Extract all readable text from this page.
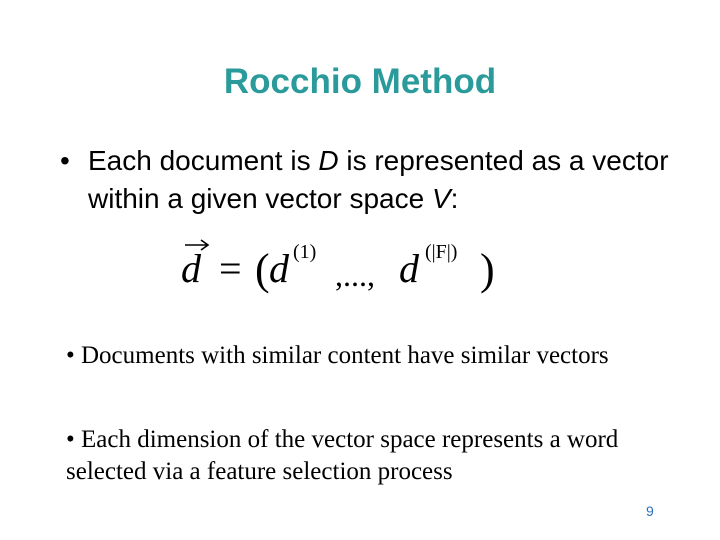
Rocchio Method
• Each document is D is represented as a vector within a given vector space V:
d = ( d (1)
,..., d (|F|) )
• Documents with similar content have similar vectors
• Each dimension of the vector space represents a word selected via a feature selection process
9
